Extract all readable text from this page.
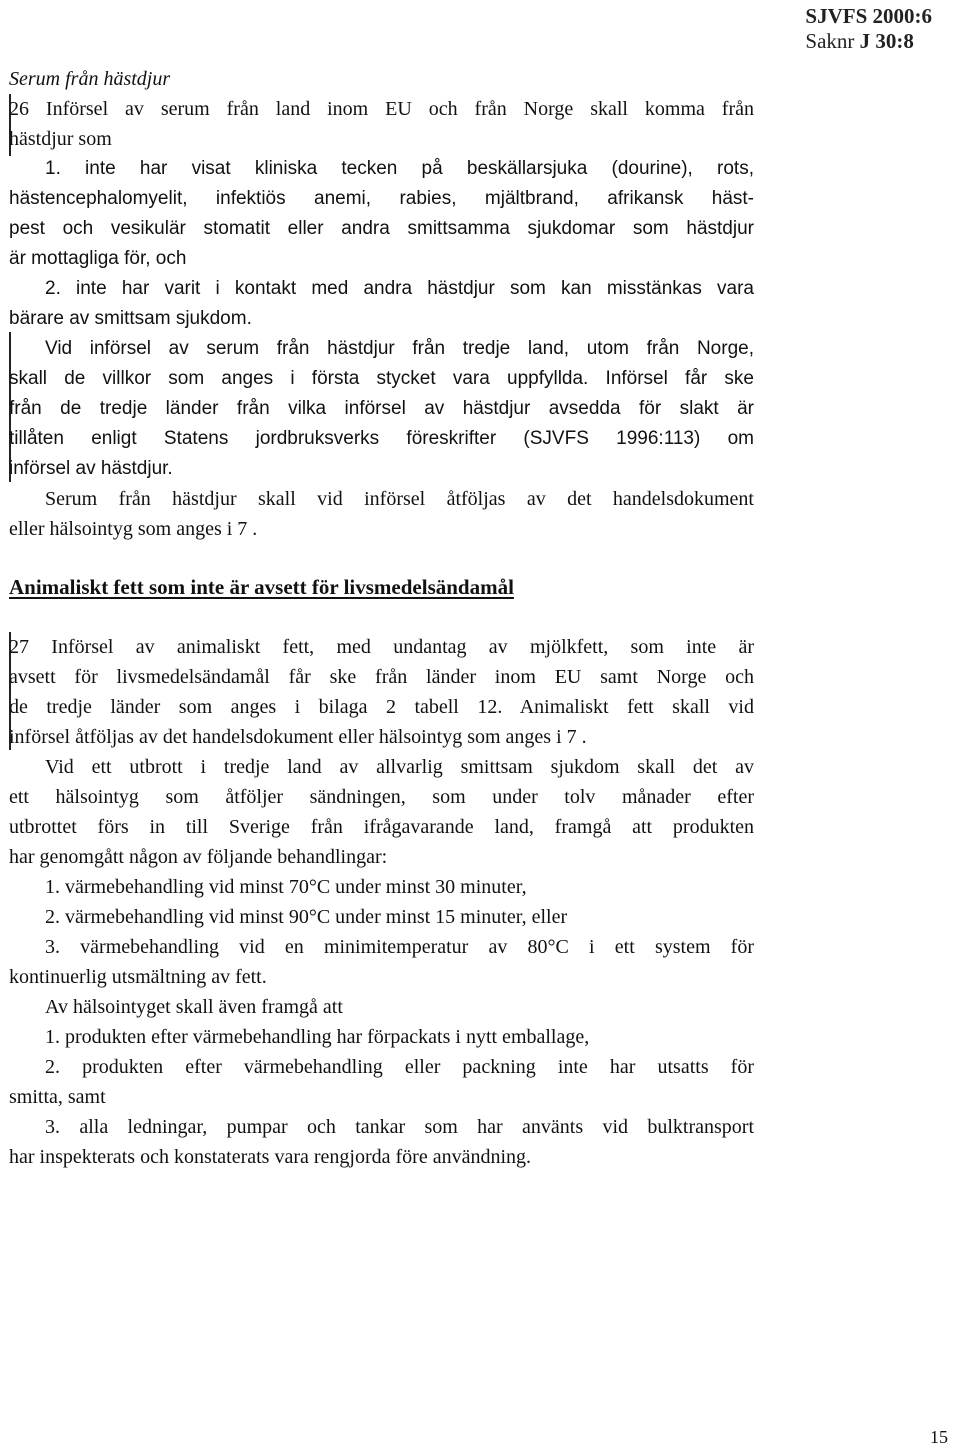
SJVFS 2000:6
Saknr J 30:8
Serum från hästdjur
26 Införsel av serum från land inom EU och från Norge skall komma från
hästdjur som
1. inte har visat kliniska tecken på beskällarsjuka (dourine), rots,
hästencephalomyelit, infektiös anemi, rabies, mjältbrand, afrikansk häst-
pest och vesikulär stomatit eller andra smittsamma sjukdomar som hästdjur
är mottagliga för, och
2. inte har varit i kontakt med andra hästdjur som kan misstänkas vara
bärare av smittsam sjukdom.
Vid införsel av serum från hästdjur från tredje land, utom från Norge,
skall de villkor som anges i första stycket vara uppfyllda. Införsel får ske
från de tredje länder från vilka införsel av hästdjur avsedda för slakt är
tillåten enligt Statens jordbruksverks föreskrifter (SJVFS 1996:113) om
införsel av hästdjur.
Serum från hästdjur skall vid införsel åtföljas av det handelsdokument
eller hälsointyg som anges i 7 .
Animaliskt fett som inte är avsett för livsmedelsändamål
27 Införsel av animaliskt fett, med undantag av mjölkfett, som inte är
avsett för livsmedelsändamål får ske från länder inom EU samt Norge och
de tredje länder som anges i bilaga 2 tabell 12. Animaliskt fett skall vid
införsel åtföljas av det handelsdokument eller hälsointyg som anges i 7 .
Vid ett utbrott i tredje land av allvarlig smittsam sjukdom skall det av
ett hälsointyg som åtföljer sändningen, som under tolv månader efter
utbrottet förs in till Sverige från ifrågavarande land, framgå att produkten
har genomgått någon av följande behandlingar:
1. värmebehandling vid minst 70°C under minst 30 minuter,
2. värmebehandling vid minst 90°C under minst 15 minuter, eller
3. värmebehandling vid en minimitemperatur av 80°C i ett system för
kontinuerlig utsmältning av fett.
Av hälsointyget skall även framgå att
1. produkten efter värmebehandling har förpackats i nytt emballage,
2. produkten efter värmebehandling eller packning inte har utsatts för
smitta, samt
3. alla ledningar, pumpar och tankar som har använts vid bulktransport
har inspekterats och konstaterats vara rengjorda före användning.
15
